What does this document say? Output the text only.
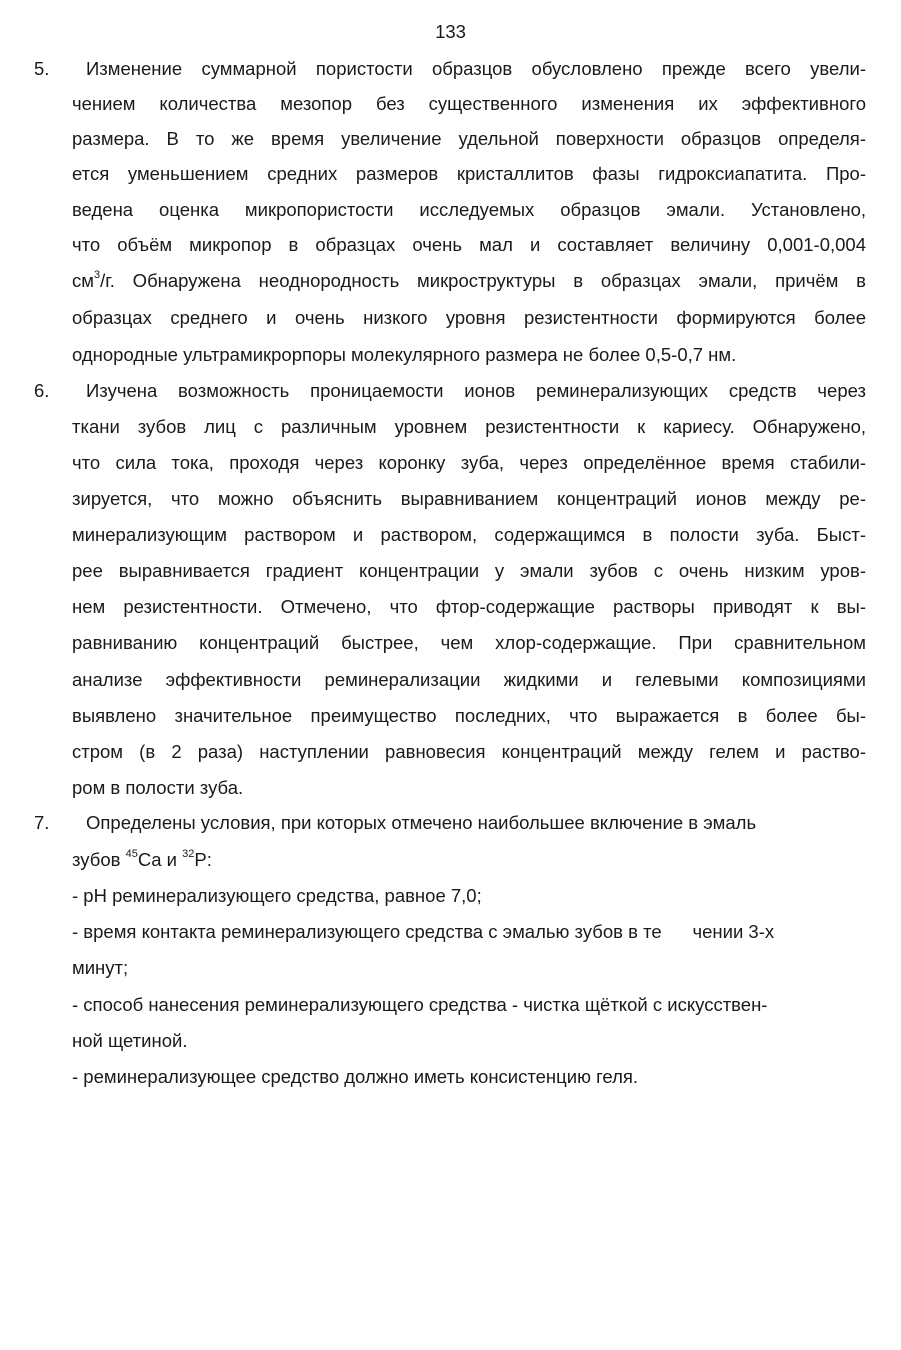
133
5. Изменение суммарной пористости образцов обусловлено прежде всего увели-
чением количества мезопор без существенного изменения их эффективного
размера. В то же время увеличение удельной поверхности образцов определя-
ется уменьшением средних размеров кристаллитов фазы гидроксиапатита. Про-
ведена оценка микропористости исследуемых образцов эмали. Установлено,
что объём микропор в образцах очень мал и составляет величину 0,001-0,004
$см^3/г$. Обнаружена неоднородность микроструктуры в образцах эмали, причём в
образцах среднего и очень низкого уровня резистентности формируются более
однородные ультрамикрорпоры молекулярного размера не более 0,5-0,7 нм.
6. Изучена возможность проницаемости ионов реминерализующих средств через
ткани зубов лиц с различным уровнем резистентности к кариесу. Обнаружено,
что сила тока, проходя через коронку зуба, через определённое время стабили-
зируется, что можно объяснить выравниванием концентраций ионов между ре-
минерализующим раствором и раствором, содержащимся в полости зуба. Быст-
рее выравнивается градиент концентрации у эмали зубов с очень низким уров-
нем резистентности. Отмечено, что фтор-содержащие растворы приводят к вы-
равниванию концентраций быстрее, чем хлор-содержащие. При сравнительном
анализе эффективности реминерализации жидкими и гелевыми композициями
выявлено значительное преимущество последних, что выражается в более бы-
стром (в 2 раза) наступлении равновесия концентраций между гелем и раство-
ром в полости зуба.
7. Определены условия, при которых отмечено наибольшее включение в эмаль
зубов $^{45}$Ca и $^{32}$P:
- pH реминерализующего средства, равное 7,0;
- время контакта реминерализующего средства с эмалью зубов в те      чении 3-х
минут;
- способ нанесения реминерализующего средства - чистка щёткой с искусствен-
ной щетиной.
- реминерализующее средство должно иметь консистенцию геля.
